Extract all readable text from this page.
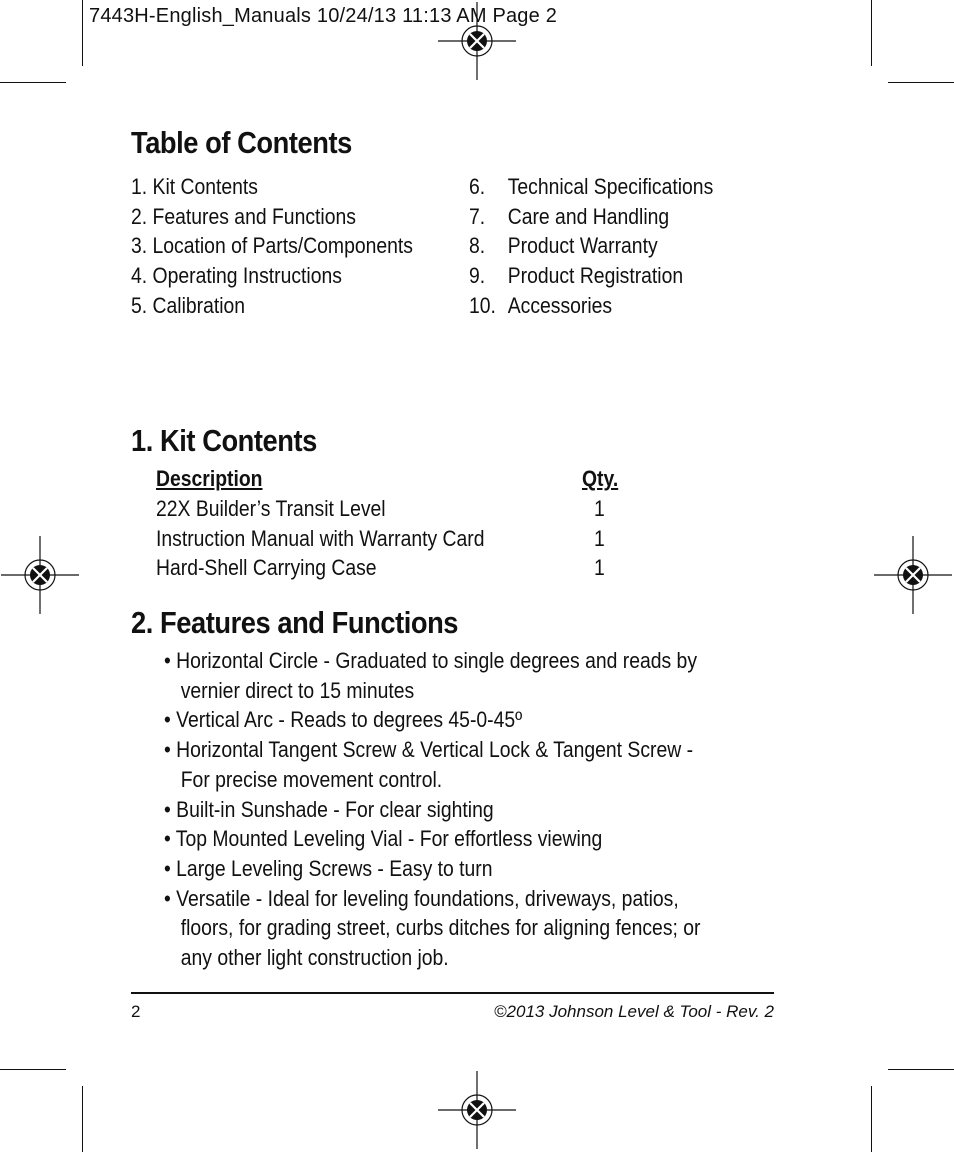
7443H-English_Manuals 10/24/13 11:13 AM Page 2
Table of Contents
1. Kit Contents
2. Features and Functions
3. Location of Parts/Components
4. Operating Instructions
5. Calibration
6. Technical Specifications
7. Care and Handling
8. Product Warranty
9. Product Registration
10. Accessories
1. Kit Contents
Description	Qty.
22X Builder’s Transit Level
Instruction Manual with Warranty Card
Hard-Shell Carrying Case
1
1
1
2. Features and Functions
• Horizontal Circle - Graduated to single degrees and reads by
vernier direct to 15 minutes
• Vertical Arc - Reads to degrees 45-0-45º
• Horizontal Tangent Screw & Vertical Lock & Tangent Screw -
For precise movement control.
• Built-in Sunshade - For clear sighting
• Top Mounted Leveling Vial - For effortless viewing
• Large Leveling Screws - Easy to turn
• Versatile - Ideal for leveling foundations, driveways, patios,
floors, for grading street, curbs ditches for aligning fences; or
any other light construction job.
2	©2013 Johnson Level & Tool - Rev. 2
